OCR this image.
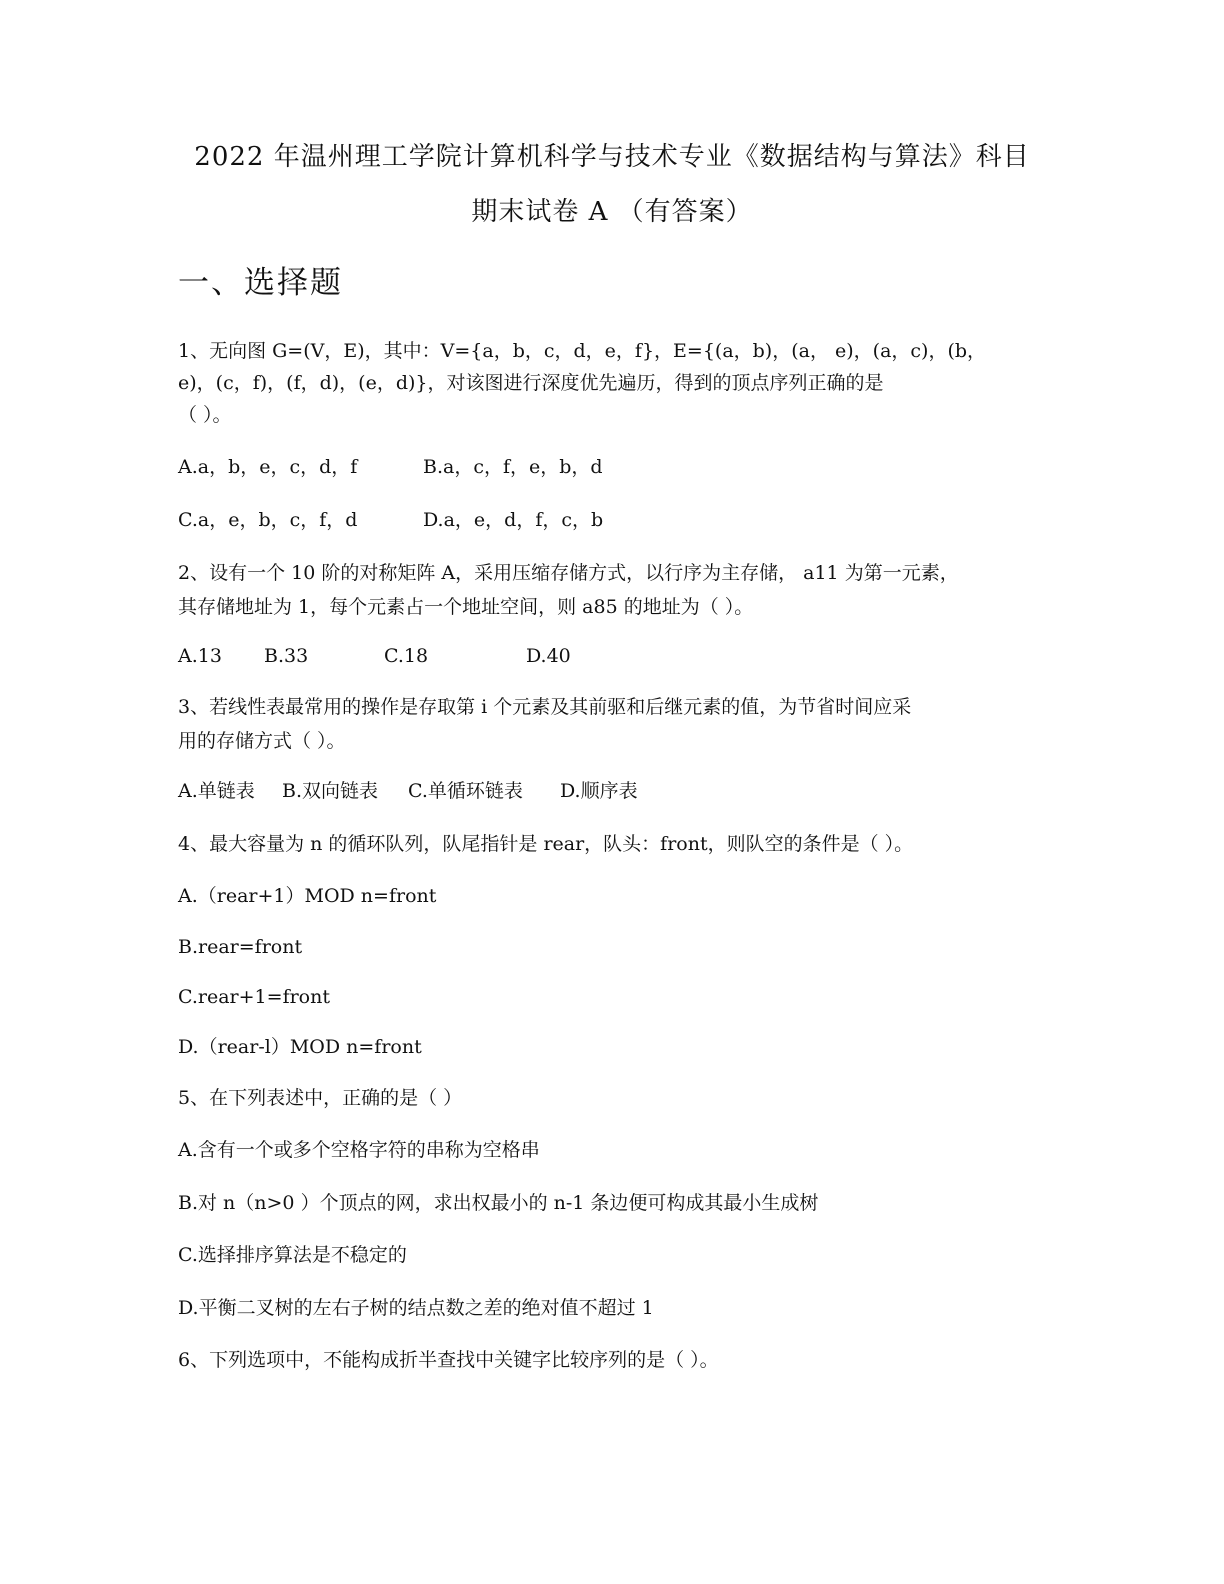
2022 年温州理工学院计算机科学与技术专业《数据结构与算法》科目
期末试卷 A （有答案）
一、选择题
1、无向图 G=(V，E)，其中：V={a，b，c，d，e，f}，E={(a，b)，(a， e)，(a，c)，(b，
e)，(c，f)，(f，d)，(e，d)}，对该图进行深度优先遍历，得到的顶点序列正确的是
（ ）。
A.a，b，e，c，d，f	B.a，c，f，e，b，d
C.a，e，b，c，f，d	D.a，e，d，f，c，b
2、设有一个 10 阶的对称矩阵 A，采用压缩存储方式，以行序为主存储， a11 为第一元素，
其存储地址为 1，每个元素占一个地址空间，则 a85 的地址为（ ）。
A.13 B.33	C.18	D.40
3、若线性表最常用的操作是存取第 i 个元素及其前驱和后继元素的值，为节省时间应采
用的存储方式（ ）。
A.单链表 B.双向链表 C.单循环链表 D.顺序表
4、最大容量为 n 的循环队列，队尾指针是 rear，队头：front，则队空的条件是（ ）。
A.（rear+1）MOD n=front
B.rear=front
C.rear+1=front
D.（rear-l）MOD n=front
5、在下列表述中，正确的是（ ）
A.含有一个或多个空格字符的串称为空格串
B.对 n（n>0 ）个顶点的网，求出权最小的 n-1 条边便可构成其最小生成树
C.选择排序算法是不稳定的
D.平衡二叉树的左右子树的结点数之差的绝对值不超过 1
6、下列选项中，不能构成折半查找中关键字比较序列的是（ ）。
